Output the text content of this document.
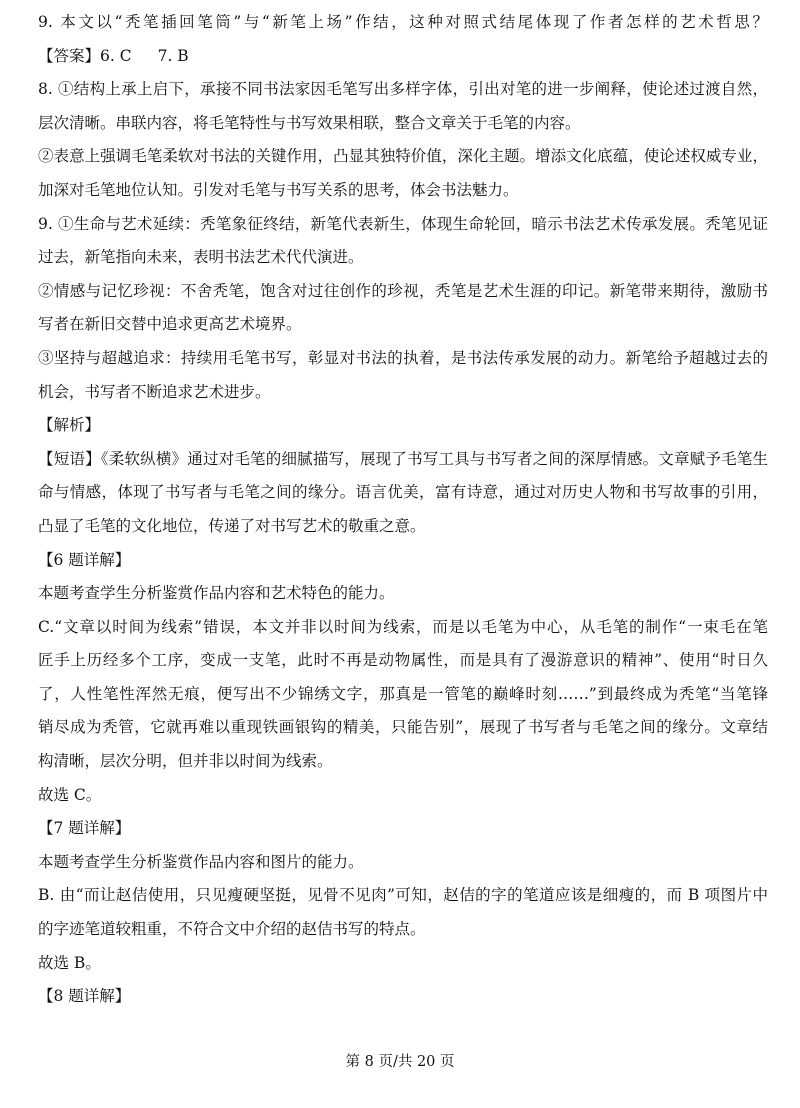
9. 本文以“秃笔插回笔筒”与“新笔上场”作结，这种对照式结尾体现了作者怎样的艺术哲思？
【答案】6. C 7. B
8. ①结构上承上启下，承接不同书法家因毛笔写出多样字体，引出对笔的进一步阐释，使论述过渡自然，
层次清晰。串联内容，将毛笔特性与书写效果相联，整合文章关于毛笔的内容。
②表意上强调毛笔柔软对书法的关键作用，凸显其独特价值，深化主题。增添文化底蕴，使论述权威专业，
加深对毛笔地位认知。引发对毛笔与书写关系的思考，体会书法魅力。
9. ①生命与艺术延续：秃笔象征终结，新笔代表新生，体现生命轮回，暗示书法艺术传承发展。秃笔见证
过去，新笔指向未来，表明书法艺术代代演进。
②情感与记忆珍视：不舍秃笔，饱含对过往创作的珍视，秃笔是艺术生涯的印记。新笔带来期待，激励书
写者在新旧交替中追求更高艺术境界。
③坚持与超越追求：持续用毛笔书写，彰显对书法的执着，是书法传承发展的动力。新笔给予超越过去的
机会，书写者不断追求艺术进步。
【解析】
【短语】《柔软纵横》通过对毛笔的细腻描写，展现了书写工具与书写者之间的深厚情感。文章赋予毛笔生
命与情感，体现了书写者与毛笔之间的缘分。语言优美，富有诗意，通过对历史人物和书写故事的引用，
凸显了毛笔的文化地位，传递了对书写艺术的敬重之意。
【6 题详解】
本题考查学生分析鉴赏作品内容和艺术特色的能力。
C.“文章以时间为线索”错误，本文并非以时间为线索，而是以毛笔为中心，从毛笔的制作“一束毛在笔
匠手上历经多个工序，变成一支笔，此时不再是动物属性，而是具有了漫游意识的精神”、使用“时日久
了，人性笔性浑然无痕，便写出不少锦绣文字，那真是一管笔的巅峰时刻……”到最终成为秃笔“当笔锋
销尽成为秃管，它就再难以重现铁画银钩的精美，只能告别”，展现了书写者与毛笔之间的缘分。文章结
构清晰，层次分明，但并非以时间为线索。
故选 C。
【7 题详解】
本题考查学生分析鉴赏作品内容和图片的能力。
B. 由“而让赵佶使用，只见瘦硬坚挺，见骨不见肉”可知，赵佶的字的笔道应该是细瘦的，而 B 项图片中
的字迹笔道较粗重，不符合文中介绍的赵佶书写的特点。
故选 B。
【8 题详解】
第 8 页/共 20 页
